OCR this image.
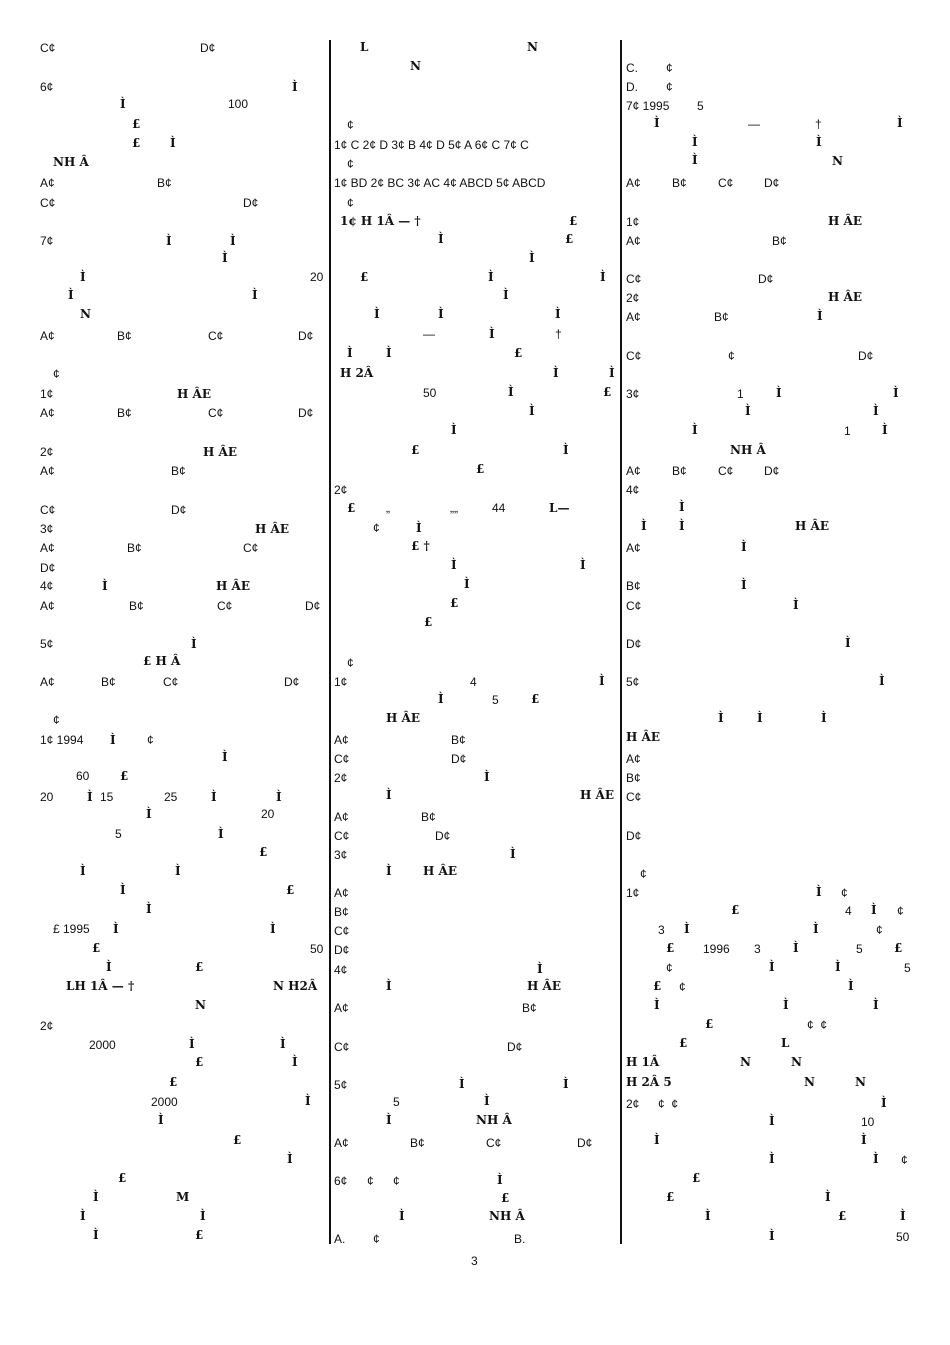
C¢	D¢
6¢	Ì
Ì	100
£
£ Ì
NH Â
A¢	B¢
C¢	D¢
7¢	Ì	Ì
Ì
Ì	20
Ì	Ì
N
A¢	B¢	C¢	D¢
¢
1¢	H ÂE
A¢	B¢	C¢	D¢
2¢	H ÂE
A¢	B¢
C¢	D¢
3¢	H ÂE
A¢	B¢	C¢
D¢
4¢	Ì	H ÂE
A¢	B¢	C¢	D¢
5¢	Ì
£ H Â
A¢	B¢	C¢	D¢
¢
1¢ 1994 Ì	¢
Ì
60	£
20	Ì 15	25	Ì	Ì
Ì	20
5	Ì
£
Ì	Ì
Ì	£
Ì
£ 1995 Ì	Ì
£	50
Ì	£
LH 1Â — †	N H2Â
N
2¢
2000	Ì	Ì
£	Ì
£
2000	Ì
Ì
£
Ì
£
Ì	M
Ì	Ì
Ì	£
L	N
N
¢
1¢ C 2¢ D 3¢ B 4¢ D 5¢ A 6¢ C 7¢ C
¢
1¢ BD 2¢ BC 3¢ AC 4¢ ABCD 5¢ ABCD
¢
1¢ H 1Â — †	£
Ì	£
Ì
£	Ì	Ì
Ì
Ì	Ì	Ì
—	Ì	†
Ì	Ì	£
H 2Â	Ì	Ì
50	Ì	£
Ì
Ì
£	Ì
£
2¢
£	„	„„	44	L—
¢	Ì
£ †
Ì	Ì
Ì
£
£
¢
1¢	4	Ì
Ì	5	£
H ÂE
A¢	B¢
C¢	D¢
2¢	Ì
Ì	H ÂE
A¢	B¢
C¢	D¢
3¢	Ì
Ì	H ÂE
A¢
B¢
C¢
D¢
4¢	Ì
Ì	H ÂE
A¢	B¢
C¢	D¢
5¢	Ì	Ì
5	Ì
Ì	NH Â
A¢	B¢	C¢	D¢
6¢ ¢ ¢	Ì
£
Ì	NH Â
A. ¢	B.
C. ¢
D. ¢
7¢ 1995 5
Ì	—	†	Ì
Ì	Ì
Ì	N
A¢	B¢	C¢	D¢
1¢	H ÂE
A¢	B¢
C¢	D¢
2¢	H ÂE
A¢	B¢	Ì
C¢	¢	D¢
3¢	1	Ì	Ì
Ì	Ì
Ì	1	Ì
NH Â
A¢	B¢	C¢	D¢
4¢
Ì
Ì	Ì	H ÂE
A¢	Ì
B¢	Ì
C¢	Ì
D¢	Ì
5¢	Ì
Ì	Ì	Ì
H ÂE
A¢
B¢
C¢
D¢
¢
1¢	Ì ¢
£	4 Ì ¢
3 Ì	Ì	¢
£ 1996 3	Ì	5	£
¢	Ì	Ì	5
£ ¢	Ì
Ì	Ì	Ì
£	¢  ¢
£	L
H 1Â	N	N
H 2Â 5	N	N
2¢ ¢  ¢	Ì
Ì	10
Ì	Ì
Ì	Ì ¢
£
£	Ì
Ì	£	Ì
Ì	50
3
